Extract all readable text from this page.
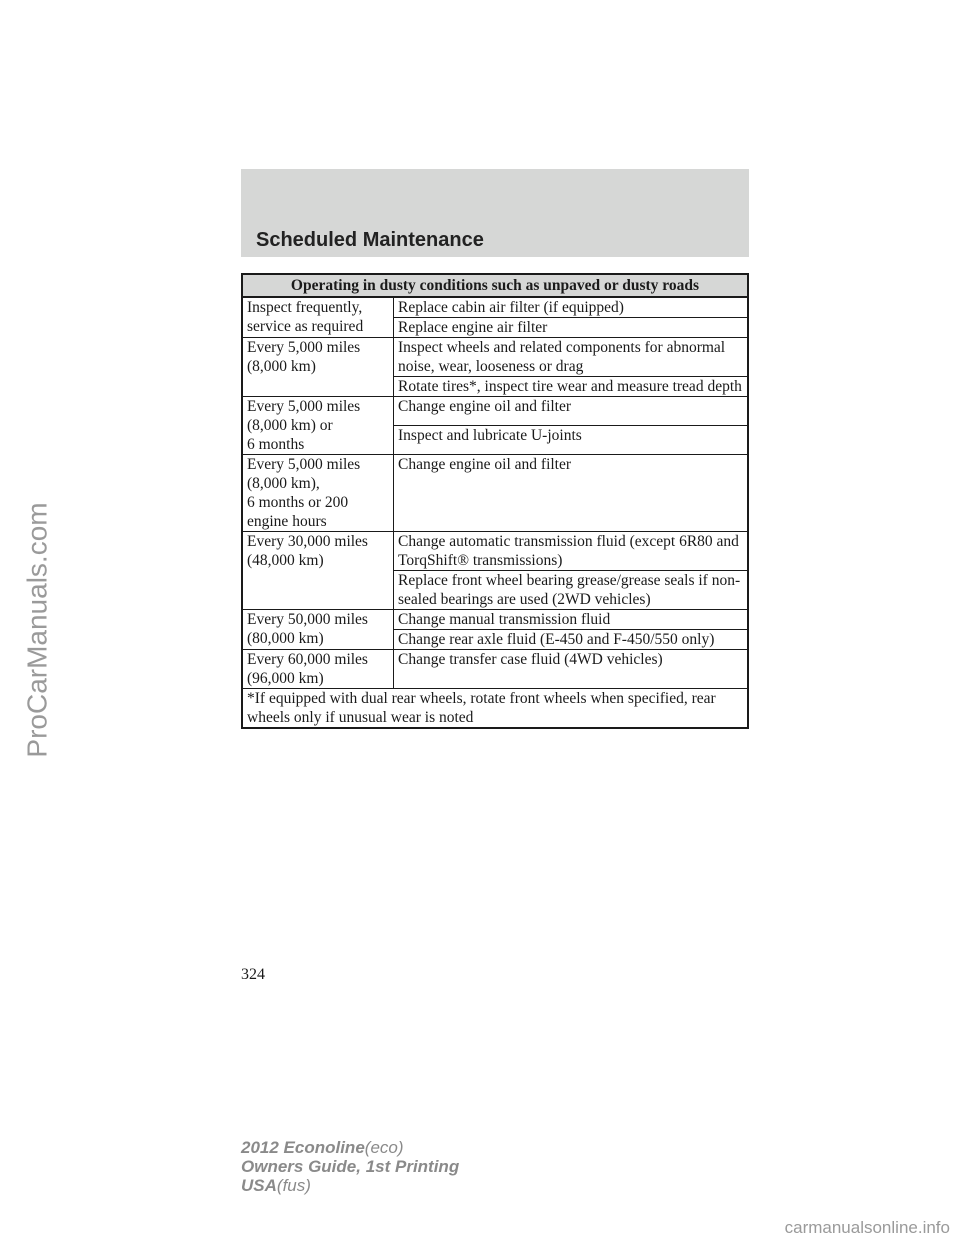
ProCarManuals.com
Scheduled Maintenance
Operating in dusty conditions such as unpaved or dusty roads	
Inspect frequently,
service as required	Replace cabin air filter (if equipped)
	Replace engine air filter
Every 5,000 miles
(8,000 km)	Inspect wheels and related components for abnormal noise, wear, looseness or drag
	Rotate tires*, inspect tire wear and measure tread depth
Every 5,000 miles
(8,000 km) or
6 months	Change engine oil and filter
	Inspect and lubricate U-joints
Every 5,000 miles
(8,000 km),
6 months or 200
engine hours	Change engine oil and filter
Every 30,000 miles
(48,000 km)	Change automatic transmission fluid (except 6R80 and TorqShift® transmissions)
	Replace front wheel bearing grease/grease seals if non-sealed bearings are used (2WD vehicles)
Every 50,000 miles
(80,000 km)	Change manual transmission fluid
	Change rear axle fluid (E-450 and F-450/550 only)
Every 60,000 miles
(96,000 km)	Change transfer case fluid (4WD vehicles)
*If equipped with dual rear wheels, rotate front wheels when specified, rear wheels only if unusual wear is noted	
324
2012 Econoline(eco)
Owners Guide, 1st Printing
USA(fus)
carmanualsonline.info
